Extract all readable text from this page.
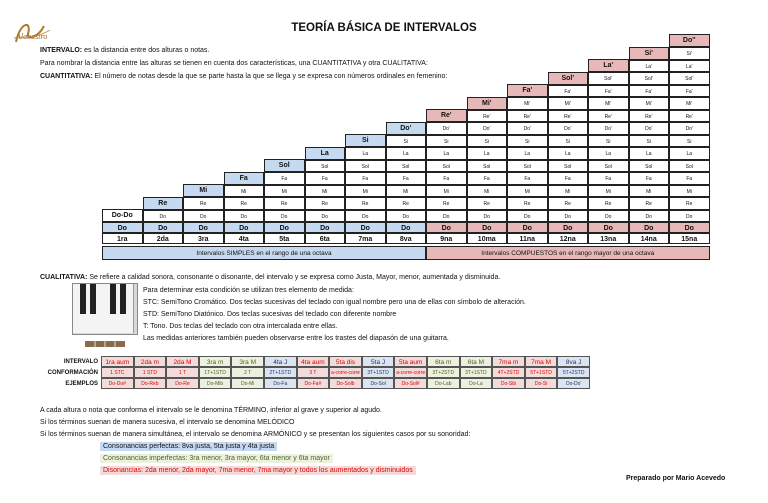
Alabastro
TEORÍA BÁSICA DE INTERVALOS
INTERVALO: es la distancia entre dos alturas o notas.
Para nombrar la distancia entre las alturas se tienen en cuenta dos características, una CUANTITATIVA y otra CUALITATIVA:
CUANTITATIVA: El número de notas desde la que se parte hasta la que se llega y se expresa con números ordinales en femenino:
Do
1ra
Do-Do
Do
2da
Do
Re
Do
3ra
Do
Re
Mi
Do
4ta
Do
Re
Mi
Fa
Do
5ta
Do
Re
Mi
Fa
Sol
Do
6ta
Do
Re
Mi
Fa
Sol
La
Do
7ma
Do
Re
Mi
Fa
Sol
La
Si
Do
8va
Do
Re
Mi
Fa
Sol
La
Si
Do'
Do
9na
Do
Re
Mi
Fa
Sol
La
Si
Do'
Re'
Do
10ma
Do
Re
Mi
Fa
Sol
La
Si
Do'
Re'
Mi'
Do
11na
Do
Re
Mi
Fa
Sol
La
Si
Do'
Re'
Mi'
Fa'
Do
12na
Do
Re
Mi
Fa
Sol
La
Si
Do'
Re'
Mi'
Fa'
Sol'
Do
13na
Do
Re
Mi
Fa
Sol
La
Si
Do'
Re'
Mi'
Fa'
Sol'
La'
Do
14na
Do
Re
Mi
Fa
Sol
La
Si
Do'
Re'
Mi'
Fa'
Sol'
La'
Si'
Do
15na
Do
Re
Mi
Fa
Sol
La
Si
Do'
Re'
Mi'
Fa'
Sol'
La'
Si'
Do''
Intervalos SIMPLES en el rango de una octava	Intervalos COMPUESTOS en el rango mayor de una octava
CUALITATIVA: Se refiere a calidad sonora, consonante o disonante, del intervalo y se expresa como Justa, Mayor, menor, aumentada y disminuida.
Para determinar esta condición se utilizan tres elemento de medida:
STC: SemiTono Cromático. Dos teclas sucesivas del teclado con igual nombre pero una de ellas con símbolo de alteración.
STD: SemiTono Diatónico. Dos teclas sucesivas del teclado con diferente nombre
T: Tono. Dos teclas del teclado con otra intercalada entre ellas.
Las medidas anteriores también pueden observarse entre los trastes del diapasón de una guitarra.
INTERVALO
CONFORMACIÓN
EJEMPLOS
1ra aum
1 STC
Do-Do#
2da m
1 STD
Do-Reb
2da M
1 T
Do-Re
3ra m
1T+1STD
Do-Mib
3ra M
2 T
Do-Mi
4ta J
2T+1STD
Do-Fa
4ta aum
3 T
Do-Fa#
5ta dis
a-corre-corre
Do-Solb
5ta J
3T+1STD
Do-Sol
5ta aum
a-corre-corre
Do-Sol#
6ta m
3T+2STD
Do-Lab
6ta M
3T+1STD
Do-La
7ma m
4T+2STD
Do-Sib
7ma M
5T+1STD
Do-Si
8va J
5T+2STD
Do-Do'
A cada altura o nota que conforma el intervalo se le denomina TÉRMINO, inferior al grave y superior al agudo.
Si los términos suenan de manera sucesiva, el intervalo se denomina MELÓDICO
Si los términos suenan de manera simultánea, el intervalo se denomina ARMÓNICO y se presentan los siguientes casos por su sonoridad:
Consonancias perfectas: 8va justa, 5ta justa y 4ta justa
Consonancias imperfectas: 3ra menor, 3ra mayor, 6ta menor y 6ta mayor
Disonancias: 2da menor, 2da mayor, 7ma menor, 7ma mayor y todos los aumentados y disminuidos
Preparado por Mario Acevedo
